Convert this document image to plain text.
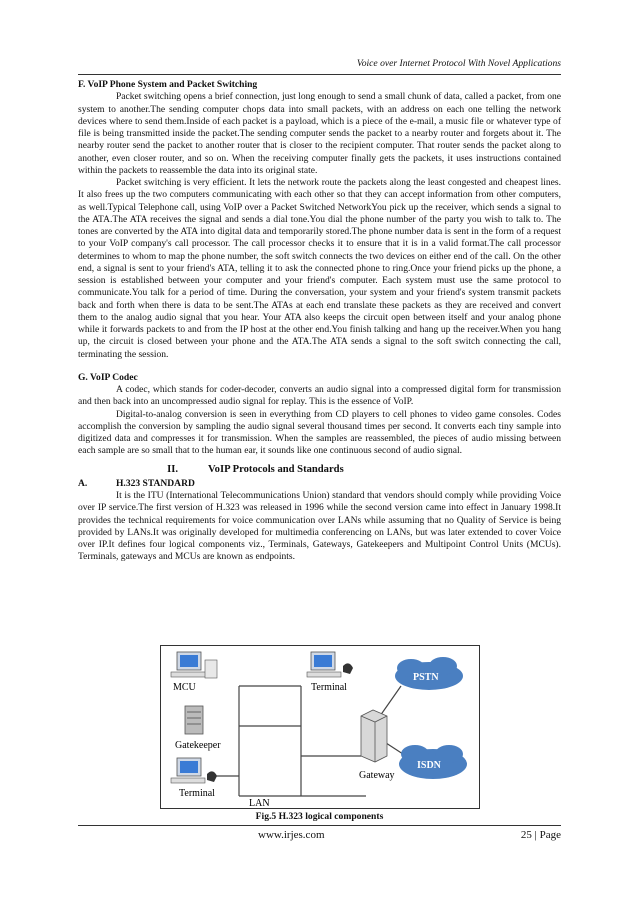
Voice over Internet Protocol With Novel Applications

F. VoIP Phone System and Packet Switching

Packet switching opens a brief connection, just long enough to send a small chunk of data, called a packet, from one system to another.The sending computer chops data into small packets, with an address on each one telling the network devices where to send them.Inside of each packet is a payload, which is a piece of the e-mail, a music file or whatever type of file is being transmitted inside the packet.The sending computer sends the packet to a nearby router and forgets about it. The nearby router send the packet to another router that is closer to the recipient computer. That router sends the packet along to another, even closer router, and so on. When the receiving computer finally gets the packets, it uses instructions contained within the packets to reassemble the data into its original state.

Packet switching is very efficient. It lets the network route the packets along the least congested and cheapest lines. It also frees up the two computers communicating with each other so that they can accept information from other computers, as well.Typical Telephone call, using VoIP over a Packet Switched NetworkYou pick up the receiver, which sends a signal to the ATA.The ATA receives the signal and sends a dial tone.You dial the phone number of the party you wish to talk to. The tones are converted by the ATA into digital data and temporarily stored.The phone number data is sent in the form of a request to your VoIP company's call processor. The call processor checks it to ensure that it is in a valid format.The call processor determines to whom to map the phone number, the soft switch connects the two devices on either end of the call. On the other end, a signal is sent to your friend's ATA, telling it to ask the connected phone to ring.Once your friend picks up the phone, a session is established between your computer and your friend's computer. Each system must use the same protocol to communicate.You talk for a period of time. During the conversation, your system and your friend's system transmit packets back and forth when there is data to be sent.The ATAs at each end translate these packets as they are received and convert them to the analog audio signal that you hear. Your ATA also keeps the circuit open between itself and your analog phone while it forwards packets to and from the IP host at the other end.You finish talking and hang up the receiver.When you hang up, the circuit is closed between your phone and the ATA.The ATA sends a signal to the soft switch connecting the call, terminating the session.

G. VoIP Codec

A codec, which stands for coder-decoder, converts an audio signal into a compressed digital form for transmission and then back into an uncompressed audio signal for replay. This is the essence of VoIP.

Digital-to-analog conversion is seen in everything from CD players to cell phones to video game consoles. Codes accomplish the conversion by sampling the audio signal several thousand times per second. It converts each tiny sample into digitized data and compresses it for transmission. When the samples are reassembled, the pieces of audio missing between each sample are so small that to the human ear, it sounds like one continuous second of audio signal.

II.	VoIP Protocols and Standards
A.	H.323 STANDARD

It is the ITU (International Telecommunications Union) standard that vendors should comply while providing Voice over IP service.The first version of H.323 was released in 1996 while the second version came into effect in January 1998.It provides the technical requirements for voice communication over LANs while assuming that no Quality of Service is being provided by LANs.It was originally developed for multimedia conferencing on LANs, but was later extended to cover Voice over IP.It defines four logical components viz., Terminals, Gateways, Gatekeepers and Multipoint Control Units (MCUs). Terminals, gateways and MCUs are known as endpoints.

MCU	Terminal
Gatekeeper
Terminal
Gateway
PSTN
ISDN
LAN
Fig.5 H.323 logical components
www.irjes.com	25 | Page
